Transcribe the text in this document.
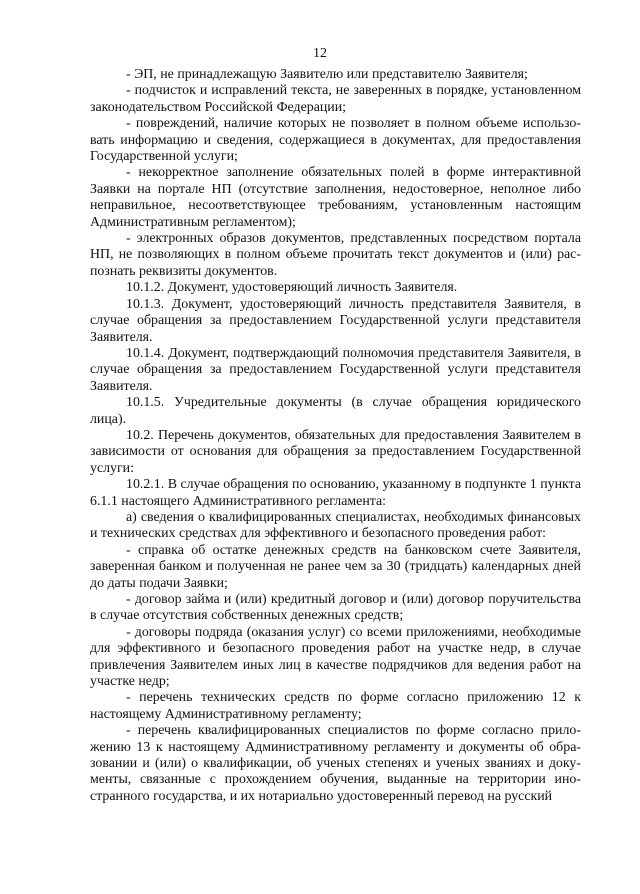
12

- ЭП, не принадлежащую Заявителю или представителю Заявителя;

- подчисток и исправлений текста, не заверенных в порядке, установленном законодательством Российской Федерации;

- повреждений, наличие которых не позволяет в полном объеме использовать информацию и сведения, содержащиеся в документах, для предоставления Государственной услуги;

- некорректное заполнение обязательных полей в форме интерактивной Заявки на портале НП (отсутствие заполнения, недостоверное, неполное либо неправильное, несоответствующее требованиям, установленным настоящим Административным регламентом);

- электронных образов документов, представленных посредством портала НП, не позволяющих в полном объеме прочитать текст документов и (или) распознать реквизиты документов.

10.1.2. Документ, удостоверяющий личность Заявителя.

10.1.3. Документ, удостоверяющий личность представителя Заявителя, в случае обращения за предоставлением Государственной услуги представителя Заявителя.

10.1.4. Документ, подтверждающий полномочия представителя Заявителя, в случае обращения за предоставлением Государственной услуги представителя Заявителя.

10.1.5. Учредительные документы (в случае обращения юридического лица).

10.2. Перечень документов, обязательных для предоставления Заявителем в зависимости от основания для обращения за предоставлением Государственной услуги:

10.2.1. В случае обращения по основанию, указанному в подпункте 1 пункта 6.1.1 настоящего Административного регламента:

а) сведения о квалифицированных специалистах, необходимых финансовых и технических средствах для эффективного и безопасного проведения работ:

- справка об остатке денежных средств на банковском счете Заявителя, заверенная банком и полученная не ранее чем за 30 (тридцать) календарных дней до даты подачи Заявки;

- договор займа и (или) кредитный договор и (или) договор поручительства в случае отсутствия собственных денежных средств;

- договоры подряда (оказания услуг) со всеми приложениями, необходимые для эффективного и безопасного проведения работ на участке недр, в случае привлечения Заявителем иных лиц в качестве подрядчиков для ведения работ на участке недр;

- перечень технических средств по форме согласно приложению 12 к настоящему Административному регламенту;

- перечень квалифицированных специалистов по форме согласно приложению 13 к настоящему Административному регламенту и документы об образовании и (или) о квалификации, об ученых степенях и ученых званиях и документы, связанные с прохождением обучения, выданные на территории иностранного государства, и их нотариально удостоверенный перевод на русский
